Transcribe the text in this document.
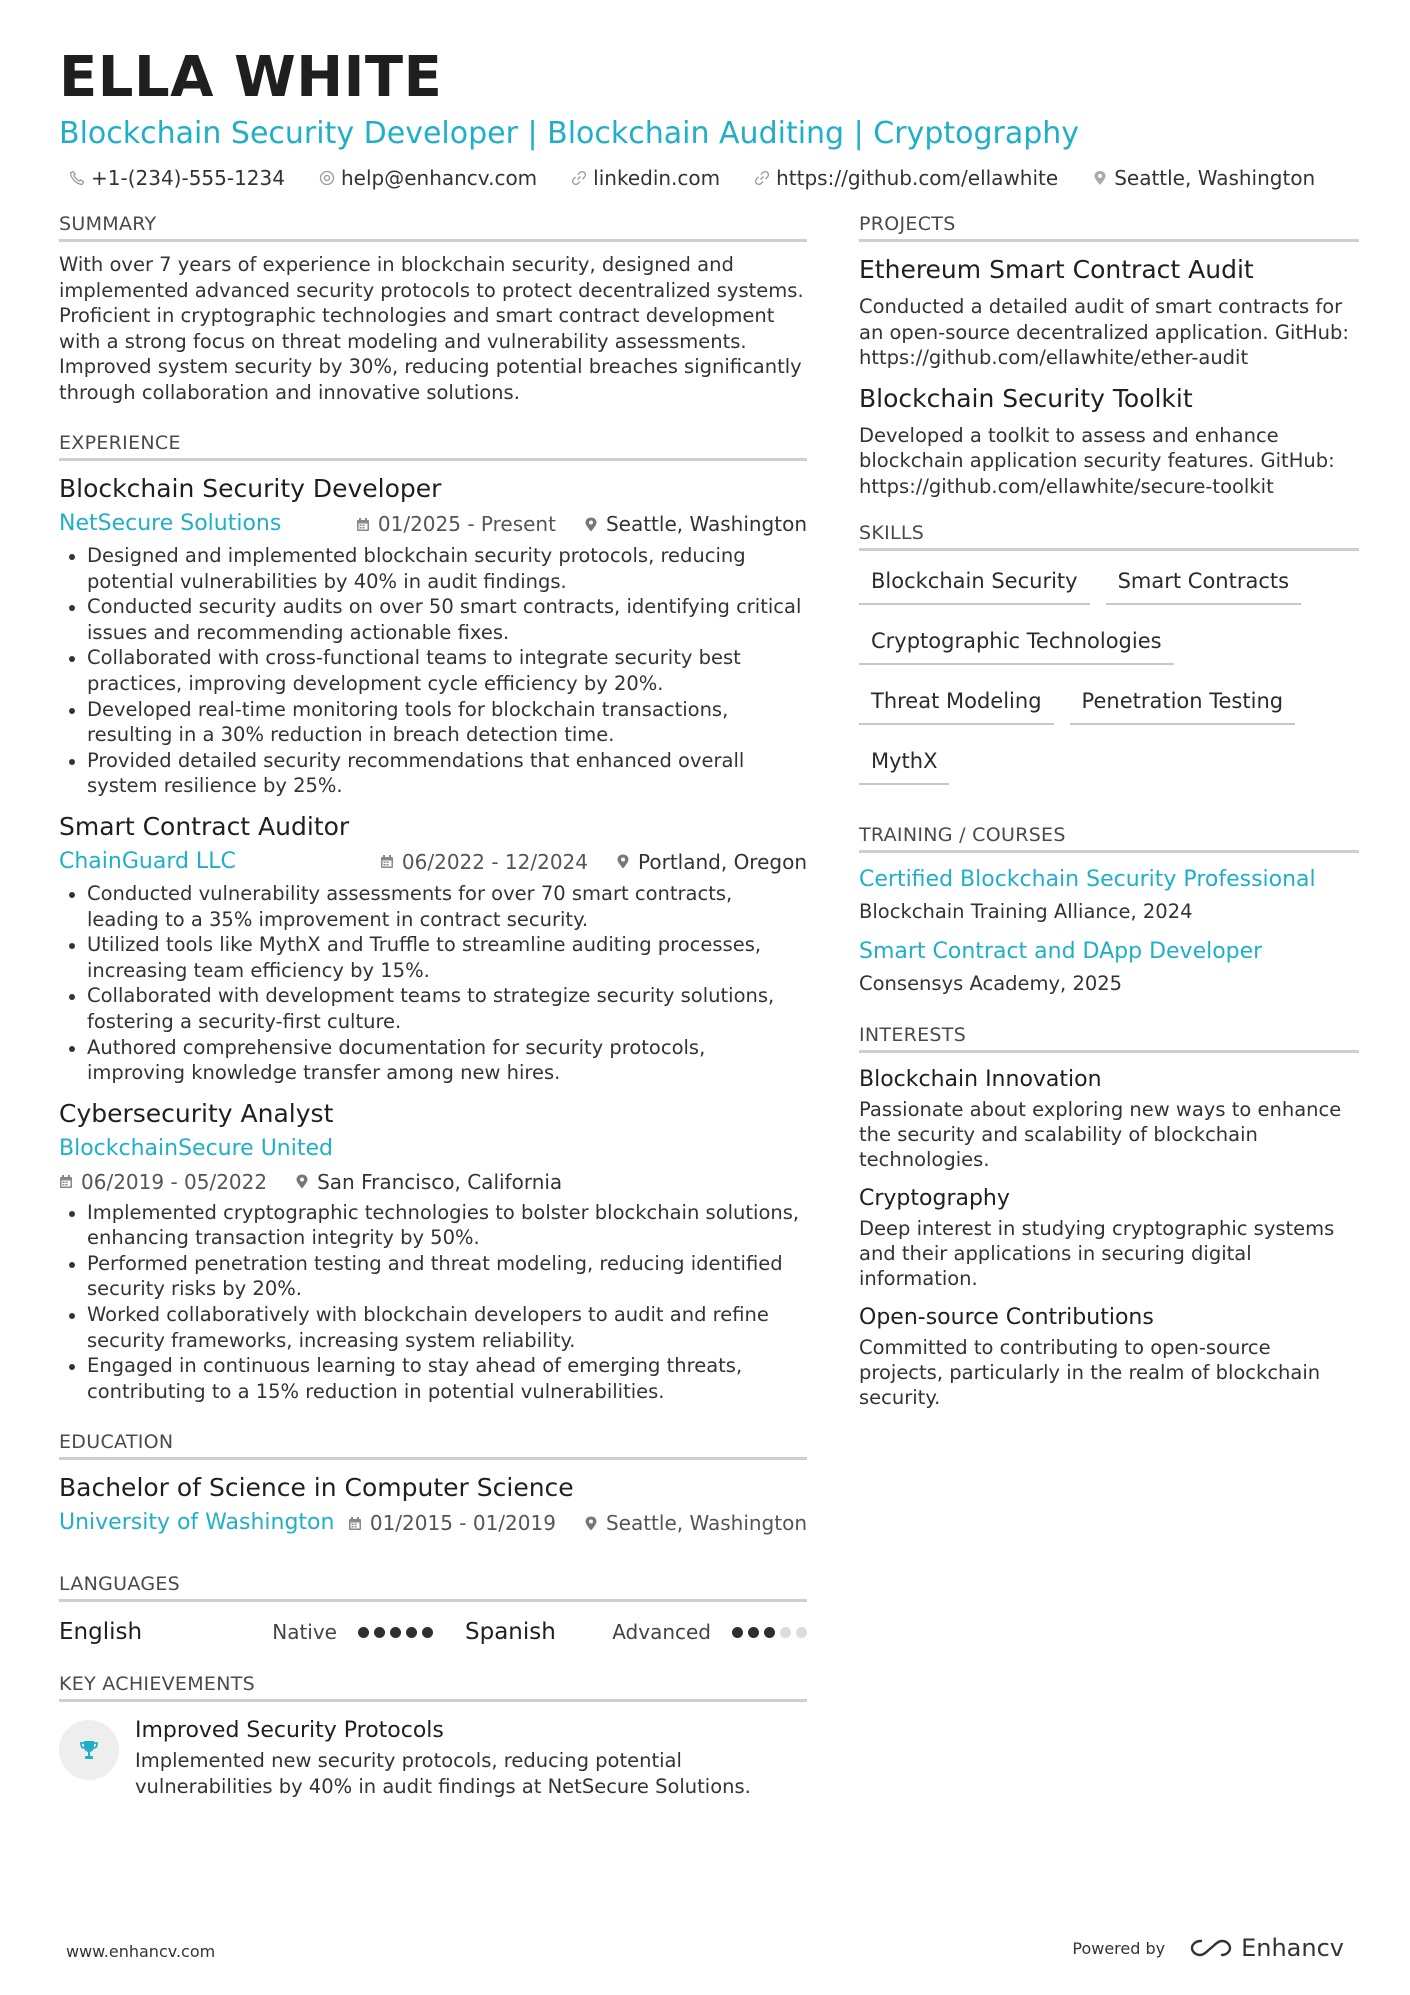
ELLA WHITE
Blockchain Security Developer | Blockchain Auditing | Cryptography
+1-(234)-555-1234	help@enhancv.com	linkedin.com	https://github.com/ellawhite	Seattle, Washington
SUMMARY
With over 7 years of experience in blockchain security, designed and implemented advanced security protocols to protect decentralized systems. Proficient in cryptographic technologies and smart contract development with a strong focus on threat modeling and vulnerability assessments. Improved system security by 30%, reducing potential breaches significantly through collaboration and innovative solutions.
EXPERIENCE
Blockchain Security Developer
NetSecure Solutions	01/2025 - Present	Seattle, Washington
Designed and implemented blockchain security protocols, reducing potential vulnerabilities by 40% in audit findings.
Conducted security audits on over 50 smart contracts, identifying critical issues and recommending actionable fixes.
Collaborated with cross-functional teams to integrate security best practices, improving development cycle efficiency by 20%.
Developed real-time monitoring tools for blockchain transactions, resulting in a 30% reduction in breach detection time.
Provided detailed security recommendations that enhanced overall system resilience by 25%.
Smart Contract Auditor
ChainGuard LLC	06/2022 - 12/2024	Portland, Oregon
Conducted vulnerability assessments for over 70 smart contracts, leading to a 35% improvement in contract security.
Utilized tools like MythX and Truffle to streamline auditing processes, increasing team efficiency by 15%.
Collaborated with development teams to strategize security solutions, fostering a security-first culture.
Authored comprehensive documentation for security protocols, improving knowledge transfer among new hires.
Cybersecurity Analyst
BlockchainSecure United
06/2019 - 05/2022	San Francisco, California
Implemented cryptographic technologies to bolster blockchain solutions, enhancing transaction integrity by 50%.
Performed penetration testing and threat modeling, reducing identified security risks by 20%.
Worked collaboratively with blockchain developers to audit and refine security frameworks, increasing system reliability.
Engaged in continuous learning to stay ahead of emerging threats, contributing to a 15% reduction in potential vulnerabilities.
EDUCATION
Bachelor of Science in Computer Science
University of Washington 01/2015 - 01/2019	Seattle, Washington
LANGUAGES
English	Native	Spanish	Advanced
KEY ACHIEVEMENTS
Improved Security Protocols
Implemented new security protocols, reducing potential vulnerabilities by 40% in audit findings at NetSecure Solutions.
PROJECTS
Ethereum Smart Contract Audit
Conducted a detailed audit of smart contracts for an open-source decentralized application. GitHub: https://github.com/ellawhite/ether-audit
Blockchain Security Toolkit
Developed a toolkit to assess and enhance blockchain application security features. GitHub: https://github.com/ellawhite/secure-toolkit
SKILLS
Blockchain Security	Smart Contracts
Cryptographic Technologies
Threat Modeling	Penetration Testing
MythX
TRAINING / COURSES
Certified Blockchain Security Professional
Blockchain Training Alliance, 2024
Smart Contract and DApp Developer
Consensys Academy, 2025
INTERESTS
Blockchain Innovation
Passionate about exploring new ways to enhance the security and scalability of blockchain technologies.
Cryptography
Deep interest in studying cryptographic systems and their applications in securing digital information.
Open-source Contributions
Committed to contributing to open-source projects, particularly in the realm of blockchain security.
www.enhancv.com	Powered by	Enhancv
